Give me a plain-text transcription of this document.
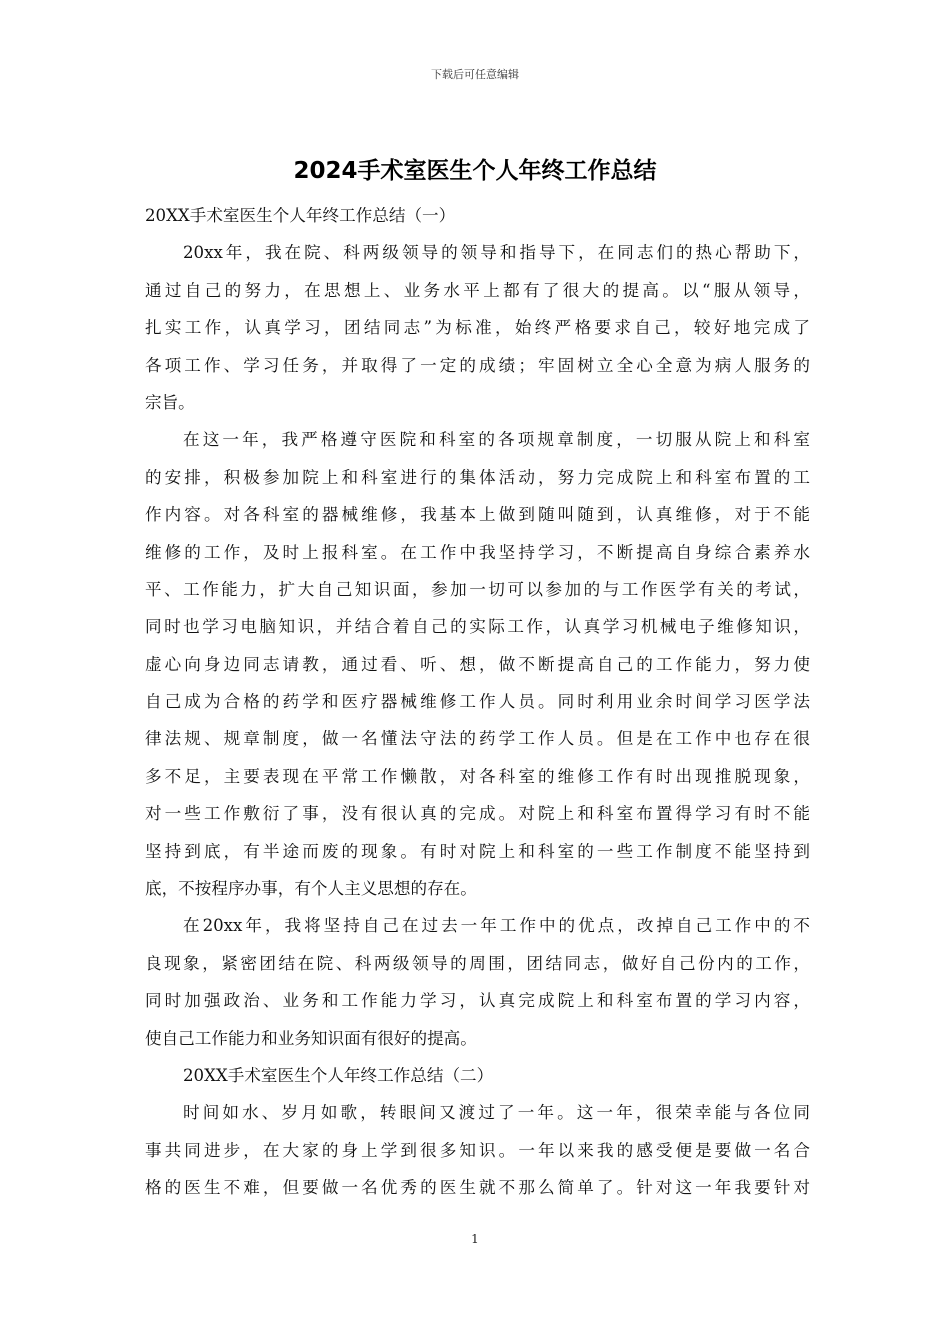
下载后可任意编辑
2024手术室医生个人年终工作总结
20XX手术室医生个人年终工作总结（一）
20xx年，我在院、科两级领导的领导和指导下，在同志们的热心帮助下，
通过自己的努力，在思想上、业务水平上都有了很大的提高。以“服从领导，
扎实工作，认真学习，团结同志”为标准，始终严格要求自己，较好地完成了
各项工作、学习任务，并取得了一定的成绩；牢固树立全心全意为病人服务的
宗旨。
在这一年，我严格遵守医院和科室的各项规章制度，一切服从院上和科室
的安排，积极参加院上和科室进行的集体活动，努力完成院上和科室布置的工
作内容。对各科室的器械维修，我基本上做到随叫随到，认真维修，对于不能
维修的工作，及时上报科室。在工作中我坚持学习，不断提高自身综合素养水
平、工作能力，扩大自己知识面，参加一切可以参加的与工作医学有关的考试，
同时也学习电脑知识，并结合着自己的实际工作，认真学习机械电子维修知识，
虚心向身边同志请教，通过看、听、想，做不断提高自己的工作能力，努力使
自己成为合格的药学和医疗器械维修工作人员。同时利用业余时间学习医学法
律法规、规章制度，做一名懂法守法的药学工作人员。但是在工作中也存在很
多不足，主要表现在平常工作懒散，对各科室的维修工作有时出现推脱现象，
对一些工作敷衍了事，没有很认真的完成。对院上和科室布置得学习有时不能
坚持到底，有半途而废的现象。有时对院上和科室的一些工作制度不能坚持到
底，不按程序办事，有个人主义思想的存在。
在20xx年，我将坚持自己在过去一年工作中的优点，改掉自己工作中的不
良现象，紧密团结在院、科两级领导的周围，团结同志，做好自己份内的工作，
同时加强政治、业务和工作能力学习，认真完成院上和科室布置的学习内容，
使自己工作能力和业务知识面有很好的提高。
20XX手术室医生个人年终工作总结（二）
时间如水、岁月如歌，转眼间又渡过了一年。这一年，很荣幸能与各位同
事共同进步，在大家的身上学到很多知识。一年以来我的感受便是要做一名合
格的医生不难，但要做一名优秀的医生就不那么简单了。针对这一年我要针对
1
